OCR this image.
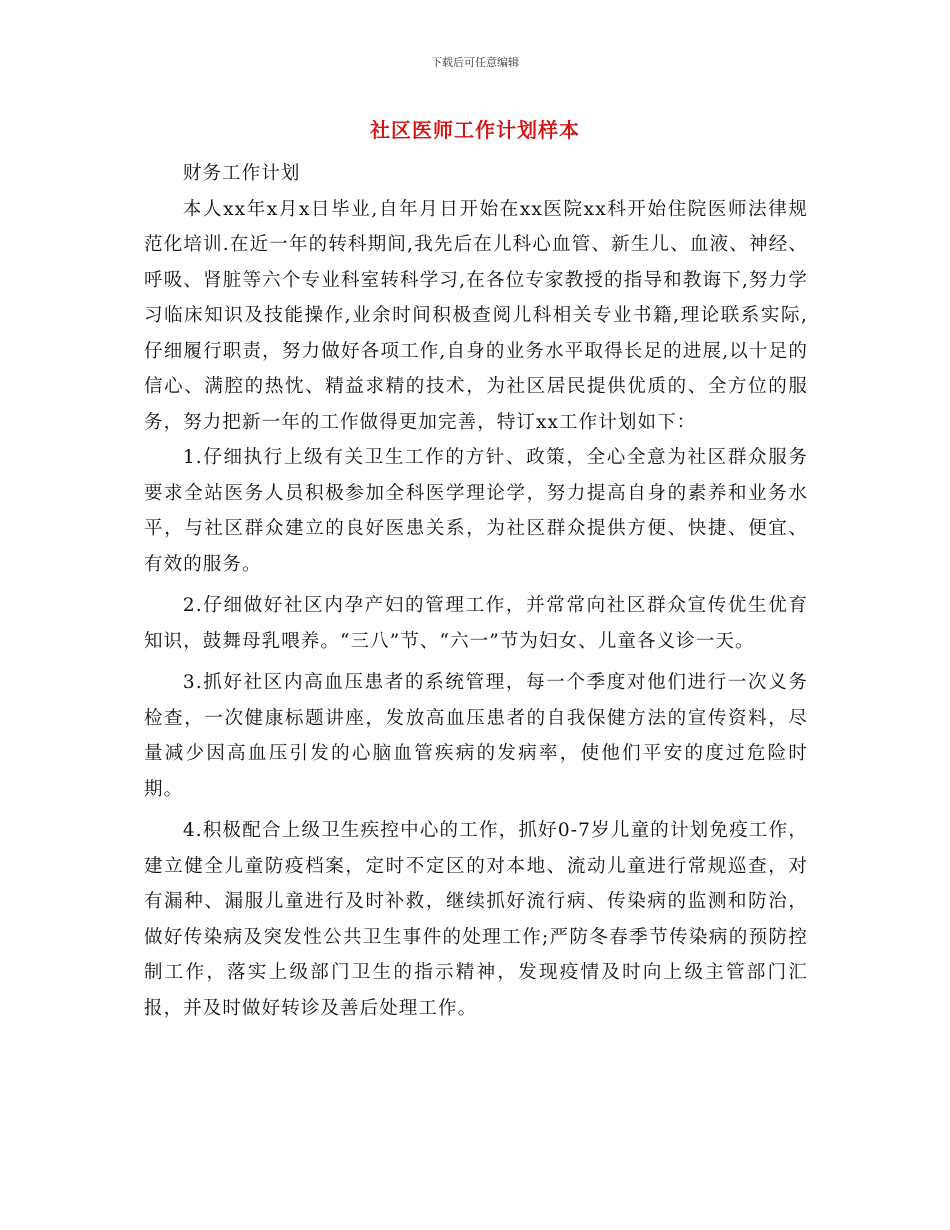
下载后可任意编辑
社区医师工作计划样本

财务工作计划

本人xx年x月x日毕业,自年月日开始在xx医院xx科开始住院医师法律规范化培训.在近一年的转科期间,我先后在儿科心血管、新生儿、血液、神经、呼吸、肾脏等六个专业科室转科学习,在各位专家教授的指导和教诲下,努力学习临床知识及技能操作,业余时间积极查阅儿科相关专业书籍,理论联系实际,仔细履行职责，努力做好各项工作,自身的业务水平取得长足的进展,以十足的信心、满腔的热忱、精益求精的技术，为社区居民提供优质的、全方位的服务，努力把新一年的工作做得更加完善，特订xx工作计划如下：

1.仔细执行上级有关卫生工作的方针、政策，全心全意为社区群众服务要求全站医务人员积极参加全科医学理论学，努力提高自身的素养和业务水平，与社区群众建立的良好医患关系，为社区群众提供方便、快捷、便宜、有效的服务。

2.仔细做好社区内孕产妇的管理工作，并常常向社区群众宣传优生优育知识，鼓舞母乳喂养。“三八”节、“六一”节为妇女、儿童各义诊一天。

3.抓好社区内高血压患者的系统管理，每一个季度对他们进行一次义务检查，一次健康标题讲座，发放高血压患者的自我保健方法的宣传资料，尽量减少因高血压引发的心脑血管疾病的发病率，使他们平安的度过危险时期。

4.积极配合上级卫生疾控中心的工作，抓好0-7岁儿童的计划免疫工作，建立健全儿童防疫档案，定时不定区的对本地、流动儿童进行常规巡查，对有漏种、漏服儿童进行及时补救，继续抓好流行病、传染病的监测和防治，做好传染病及突发性公共卫生事件的处理工作;严防冬春季节传染病的预防控制工作，落实上级部门卫生的指示精神，发现疫情及时向上级主管部门汇报，并及时做好转诊及善后处理工作。
